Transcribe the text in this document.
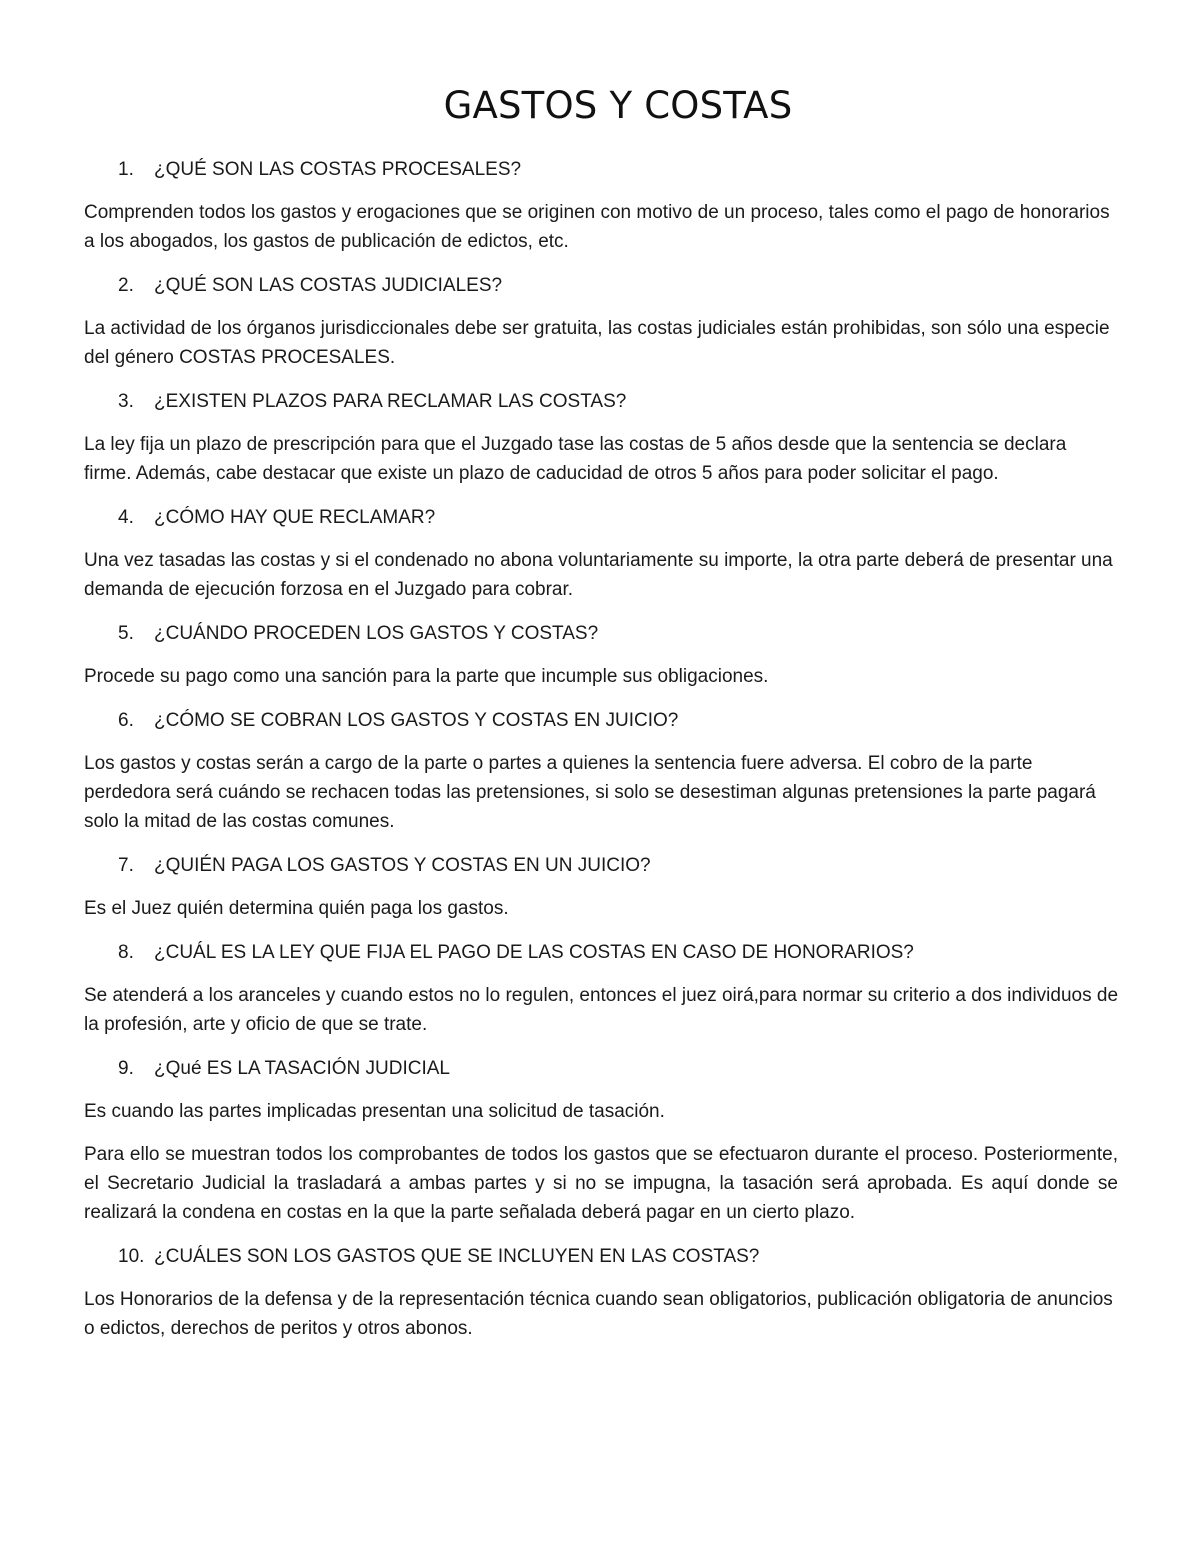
GASTOS Y COSTAS
1.	¿QUÉ SON LAS COSTAS PROCESALES?

Comprenden todos los gastos y erogaciones que se originen con motivo de un proceso, tales como el pago de honorarios a los abogados, los gastos de publicación de edictos, etc.

2.	¿QUÉ SON LAS COSTAS JUDICIALES?

La actividad de los órganos jurisdiccionales debe ser gratuita, las costas judiciales están prohibidas, son sólo una especie del género COSTAS PROCESALES.

3.	¿EXISTEN PLAZOS PARA RECLAMAR LAS COSTAS?

La ley fija un plazo de prescripción para que el Juzgado tase las costas de 5 años desde que la sentencia se declara firme. Además, cabe destacar que existe un plazo de caducidad de otros 5 años para poder solicitar el pago.

4.	¿CÓMO HAY QUE RECLAMAR?

Una vez tasadas las costas y si el condenado no abona voluntariamente su importe, la otra parte deberá de presentar una demanda de ejecución forzosa en el Juzgado para cobrar.

5.	¿CUÁNDO PROCEDEN LOS GASTOS Y COSTAS?

Procede su pago como una sanción para la parte que incumple sus obligaciones.

6.	¿CÓMO SE COBRAN LOS GASTOS Y COSTAS EN JUICIO?

Los gastos y costas serán a cargo de la parte o partes a quienes la sentencia fuere adversa. El cobro de la parte perdedora será cuándo se rechacen todas las pretensiones, si solo se desestiman algunas pretensiones la parte pagará solo la mitad de las costas comunes.

7.	¿QUIÉN PAGA LOS GASTOS Y COSTAS EN UN JUICIO?

Es el Juez quién determina quién paga los gastos.

8.	¿CUÁL ES LA LEY QUE FIJA EL PAGO DE LAS COSTAS EN CASO DE HONORARIOS?

Se atenderá a los aranceles y cuando estos no lo regulen, entonces el juez oirá,para normar su criterio a dos individuos de la profesión, arte y oficio de que se trate.

9.	¿Qué ES LA TASACIÓN JUDICIAL

Es cuando las partes implicadas presentan una solicitud de tasación.

Para ello se muestran todos los comprobantes de todos los gastos que se efectuaron durante el proceso. Posteriormente, el Secretario Judicial la trasladará a ambas partes y si no se impugna, la tasación será aprobada. Es aquí donde se realizará la condena en costas en la que la parte señalada deberá pagar en un cierto plazo.

10. ¿CUÁLES SON LOS GASTOS QUE SE INCLUYEN EN LAS COSTAS?

Los Honorarios de la defensa y de la representación técnica cuando sean obligatorios, publicación obligatoria de anuncios o edictos, derechos de peritos y otros abonos.
